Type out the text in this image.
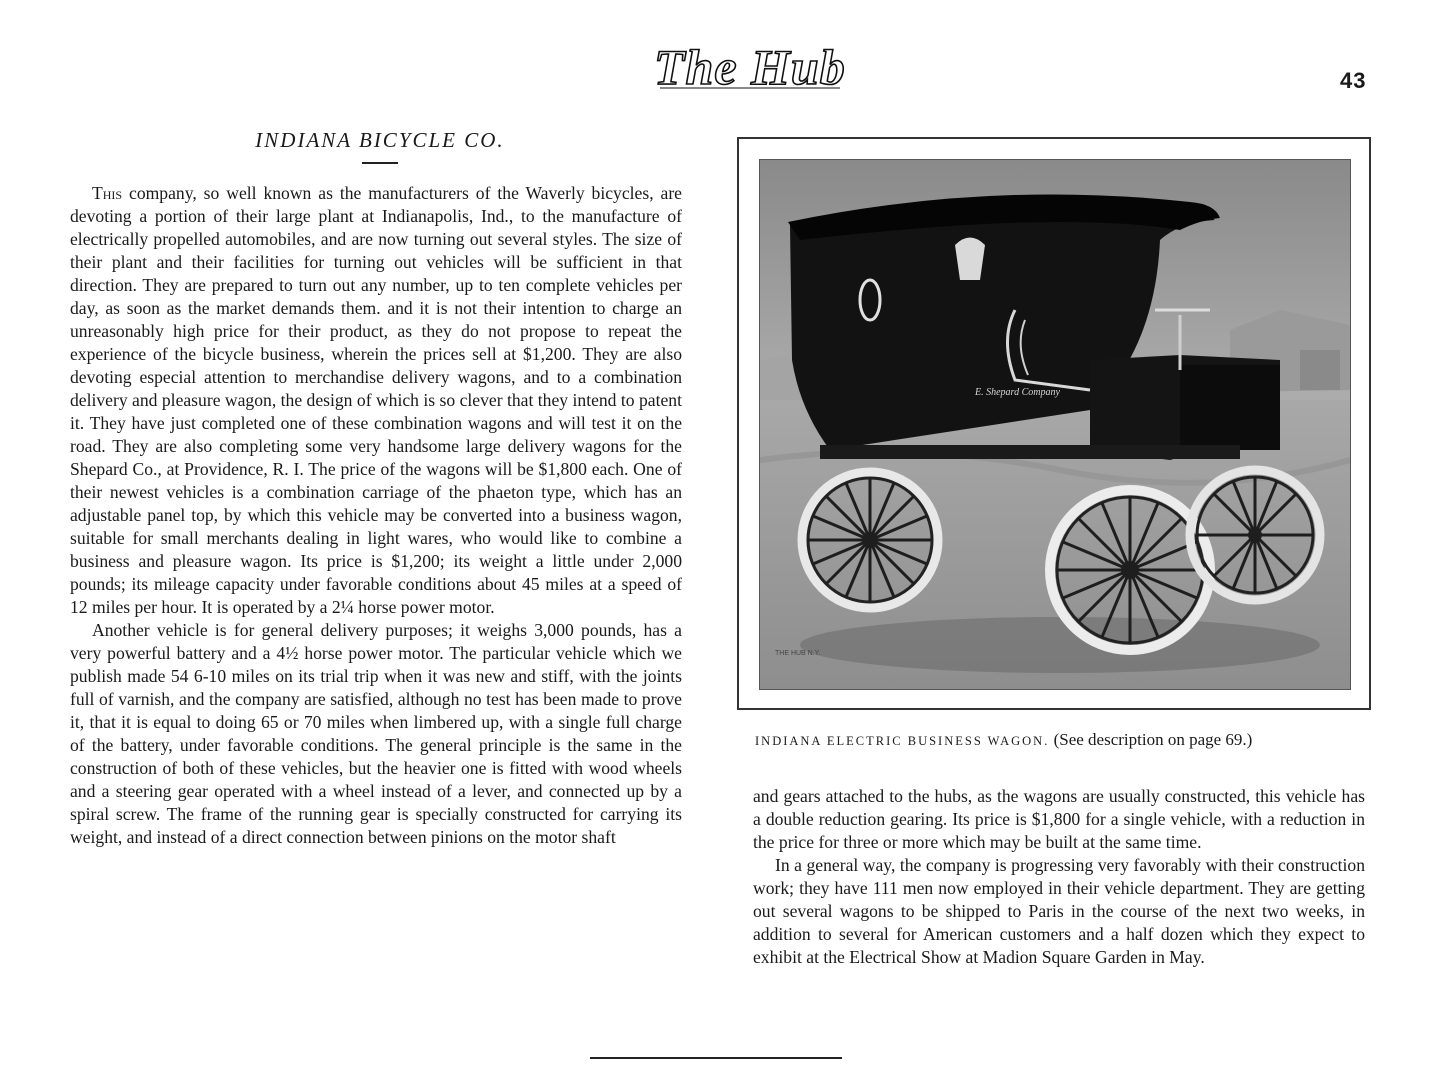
The Hub	43
INDIANA BICYCLE CO.

This company, so well known as the manufacturers of the Waverly bicycles, are devoting a portion of their large plant at Indianapolis, Ind., to the manufacture of electrically propelled automobiles, and are now turning out several styles. The size of their plant and their facilities for turning out vehicles will be sufficient in that direction. They are prepared to turn out any number, up to ten complete vehicles per day, as soon as the market demands them. and it is not their intention to charge an unreasonably high price for their product, as they do not propose to repeat the experience of the bicycle business, wherein the prices sell at $1,200. They are also devoting especial attention to merchandise delivery wagons, and to a combination delivery and pleasure wagon, the design of which is so clever that they intend to patent it. They have just completed one of these combination wagons and will test it on the road. They are also completing some very handsome large delivery wagons for the Shepard Co., at Providence, R. I. The price of the wagons will be $1,800 each. One of their newest vehicles is a combination carriage of the phaeton type, which has an adjustable panel top, by which this vehicle may be converted into a business wagon, suitable for small merchants dealing in light wares, who would like to combine a business and pleasure wagon. Its price is $1,200; its weight a little under 2,000 pounds; its mileage capacity under favorable conditions about 45 miles at a speed of 12 miles per hour. It is operated by a 2¼ horse power motor.

Another vehicle is for general delivery purposes; it weighs 3,000 pounds, has a very powerful battery and a 4½ horse power motor. The particular vehicle which we publish made 54 6-10 miles on its trial trip when it was new and stiff, with the joints full of varnish, and the company are satisfied, although no test has been made to prove it, that it is equal to doing 65 or 70 miles when limbered up, with a single full charge of the battery, under favorable conditions. The general principle is the same in the construction of both of these vehicles, but the heavier one is fitted with wood wheels and a steering gear operated with a wheel instead of a lever, and connected up by a spiral screw. The frame of the running gear is specially constructed for carrying its weight, and instead of a direct connection between pinions on the motor shaft

E. Shepard Company
THE HUB N.Y.
INDIANA ELECTRIC BUSINESS WAGON. (See description on page 69.)

and gears attached to the hubs, as the wagons are usually constructed, this vehicle has a double reduction gearing. Its price is $1,800 for a single vehicle, with a reduction in the price for three or more which may be built at the same time.

In a general way, the company is progressing very favorably with their construction work; they have 111 men now employed in their vehicle department. They are getting out several wagons to be shipped to Paris in the course of the next two weeks, in addition to several for American customers and a half dozen which they expect to exhibit at the Electrical Show at Madion Square Garden in May.
